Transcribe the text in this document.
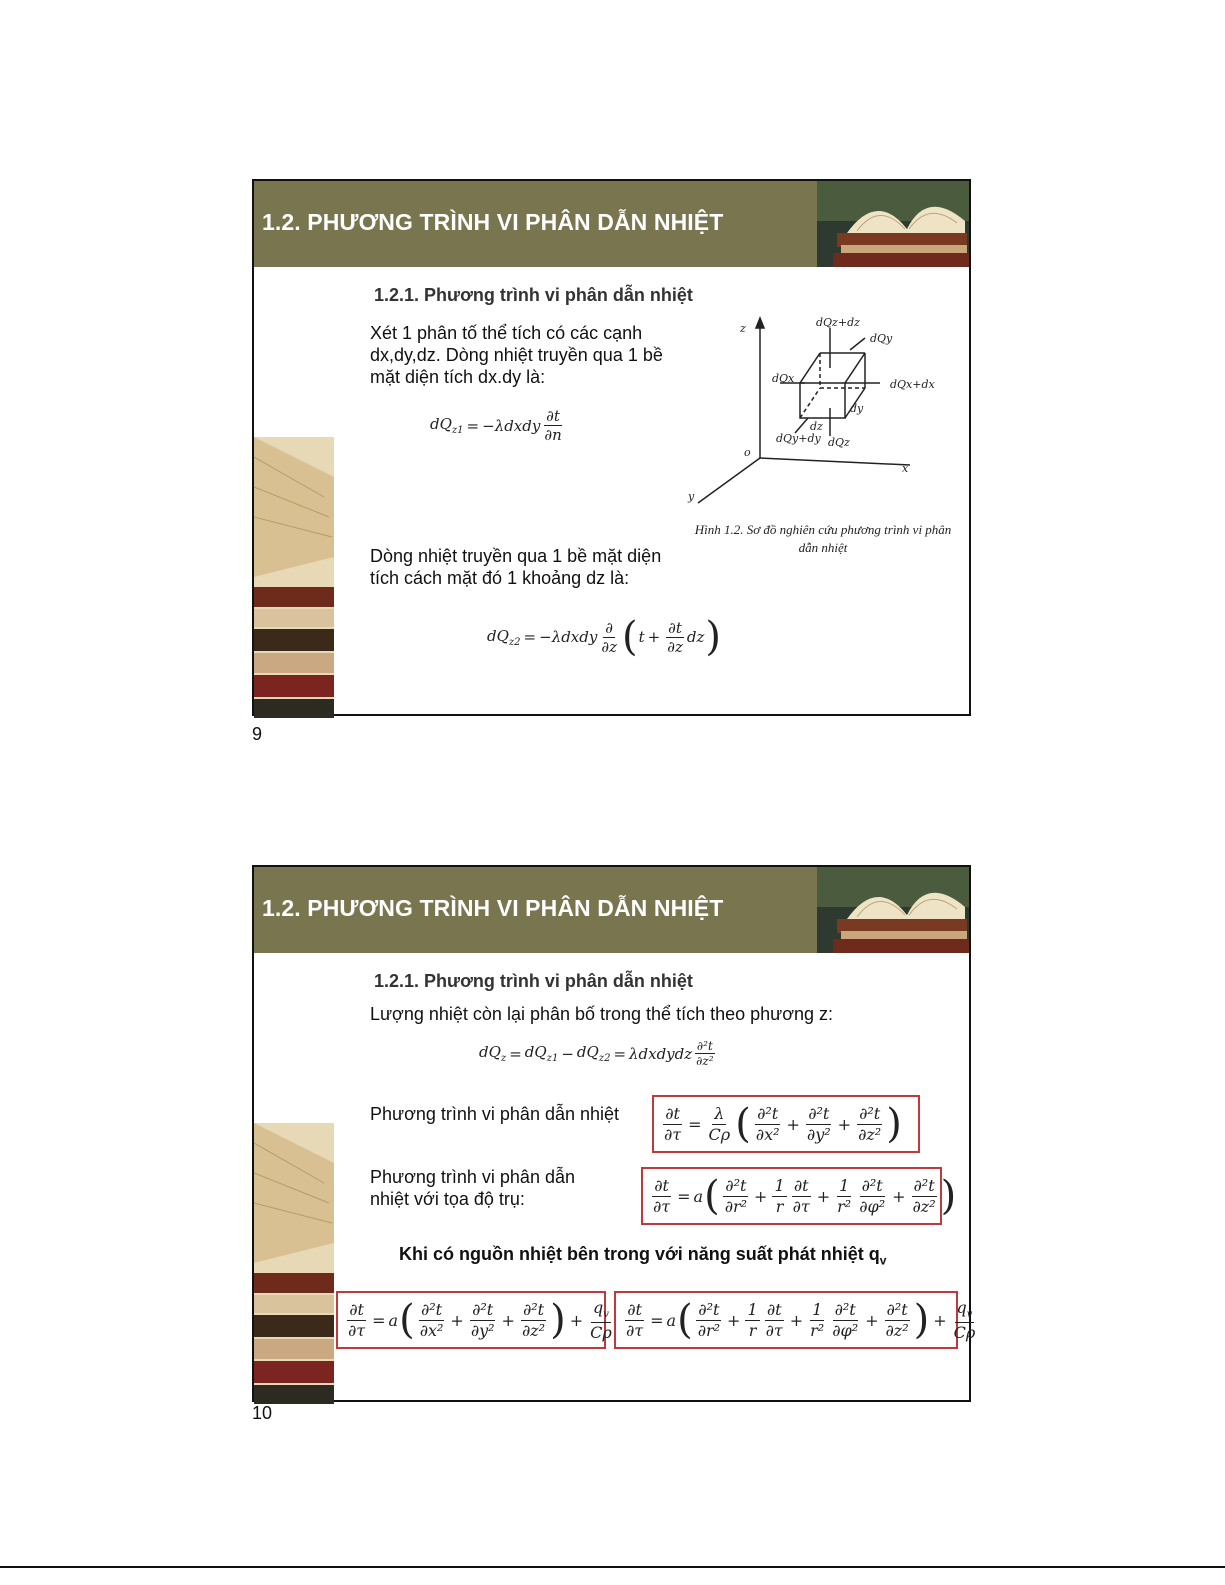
1.2. PHƯƠNG TRÌNH VI PHÂN DẪN NHIỆT
1.2.1. Phương trình vi phân dẫn nhiệt
Xét 1 phân tố thể tích có các cạnh
dx,dy,dz. Dòng nhiệt truyền qua 1 bề
mặt diện tích dx.dy là:
$dQ_{z1}$ = −λdxdy $\frac{\partial t}{\partial n}$
Dòng nhiệt truyền qua 1 bề mặt diện
tích cách mặt đó 1 khoảng dz là:
$dQ_{z2}$ = −λdxdy $\frac{\partial}{\partial z}$ ( $t + \frac{\partial t}{\partial z}$ dz )
z
x
y
o
dQz+dz
dQy
dQx	dQx+dx
dz
dy
dQy+dy dQz
Hình 1.2. Sơ đồ nghiên cứu phương trình vi phân
dẫn nhiệt
9
1.2. PHƯƠNG TRÌNH VI PHÂN DẪN NHIỆT
1.2.1. Phương trình vi phân dẫn nhiệt
Lượng nhiệt còn lại phân bố trong thể tích theo phương z:
$dQ_z = dQ_{z1} - dQ_{z2}$ = λdxdydz $\frac{\text{∂²t}}{\text{∂z²}}$
Phương trình vi phân dẫn nhiệt	$\frac{\partial t}{\partial\tau} = \frac{\lambda}{C\rho}$ ( $\frac{\text{∂²t}}{\text{∂x²}} + \frac{\text{∂²t}}{\text{∂y²}} + \frac{\text{∂²t}}{\text{∂z²}}$ )
Phương trình vi phân dẫn
nhiệt với tọa độ trụ:	$\frac{\partial t}{\partial\tau} = a$ ( $\frac{\text{∂²t}}{\text{∂r²}} + \frac{1}{r} \frac{\partial t}{\partial\tau} + \frac{1}{\text{r²}} \frac{\text{∂²t}}{\text{∂φ²}} + \frac{\text{∂²t}}{\text{∂z²}}$ )
Khi có nguồn nhiệt bên trong với năng suất phát nhiệt $q_v$
$\frac{\partial t}{\partial\tau} = a$ ( $\frac{\text{∂²t}}{\text{∂x²}} + \frac{\text{∂²t}}{\text{∂y²}} + \frac{\text{∂²t}}{\text{∂z²}}$ ) + $\frac{q_v}{C\rho} \frac{\partial t}{\partial\tau} = a$ ( $\frac{\text{∂²t}}{\text{∂r²}} + \frac{1}{r} \frac{\partial t}{\partial\tau} + \frac{1}{\text{r²}} \frac{\text{∂²t}}{\text{∂φ²}} + \frac{\text{∂²t}}{\text{∂z²}}$ ) + $\frac{q_v}{C\rho}$
10
